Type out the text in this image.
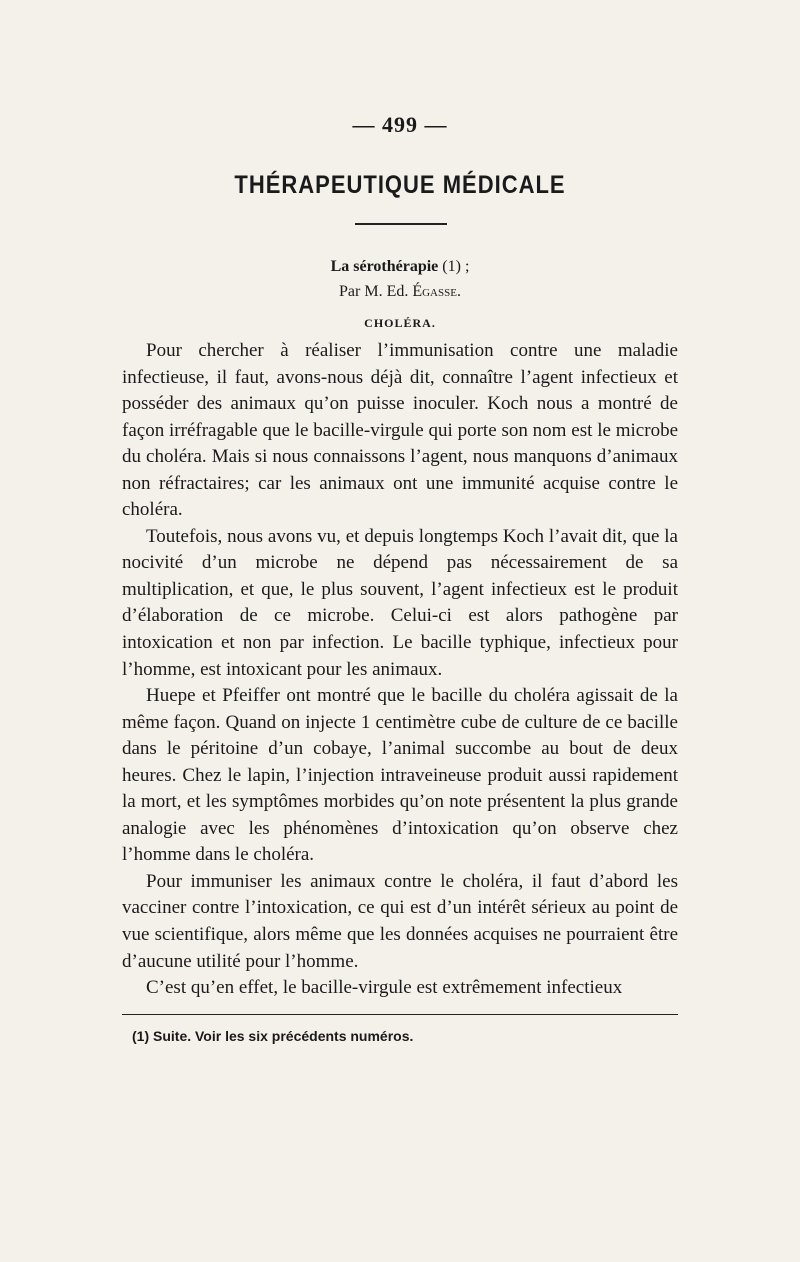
— 499 —
THÉRAPEUTIQUE MÉDICALE
La sérothérapie (1) ;
Par M. Ed. Égasse.
CHOLÉRA.

Pour chercher à réaliser l’immunisation contre une maladie infectieuse, il faut, avons-nous déjà dit, connaître l’agent infectieux et posséder des animaux qu’on puisse inoculer. Koch nous a montré de façon irréfragable que le bacille-virgule qui porte son nom est le microbe du choléra. Mais si nous connaissons l’agent, nous manquons d’animaux non réfractaires; car les animaux ont une immunité acquise contre le choléra.

Toutefois, nous avons vu, et depuis longtemps Koch l’avait dit, que la nocivité d’un microbe ne dépend pas nécessairement de sa multiplication, et que, le plus souvent, l’agent infectieux est le produit d’élaboration de ce microbe. Celui-ci est alors pathogène par intoxication et non par infection. Le bacille typhique, infectieux pour l’homme, est intoxicant pour les animaux.

Huepe et Pfeiffer ont montré que le bacille du choléra agissait de la même façon. Quand on injecte 1 centimètre cube de culture de ce bacille dans le péritoine d’un cobaye, l’animal succombe au bout de deux heures. Chez le lapin, l’injection intraveineuse produit aussi rapidement la mort, et les symptômes morbides qu’on note présentent la plus grande analogie avec les phénomènes d’intoxication qu’on observe chez l’homme dans le choléra.

Pour immuniser les animaux contre le choléra, il faut d’abord les vacciner contre l’intoxication, ce qui est d’un intérêt sérieux au point de vue scientifique, alors même que les données acquises ne pourraient être d’aucune utilité pour l’homme.

C’est qu’en effet, le bacille-virgule est extrêmement infectieux

(1) Suite. Voir les six précédents numéros.
